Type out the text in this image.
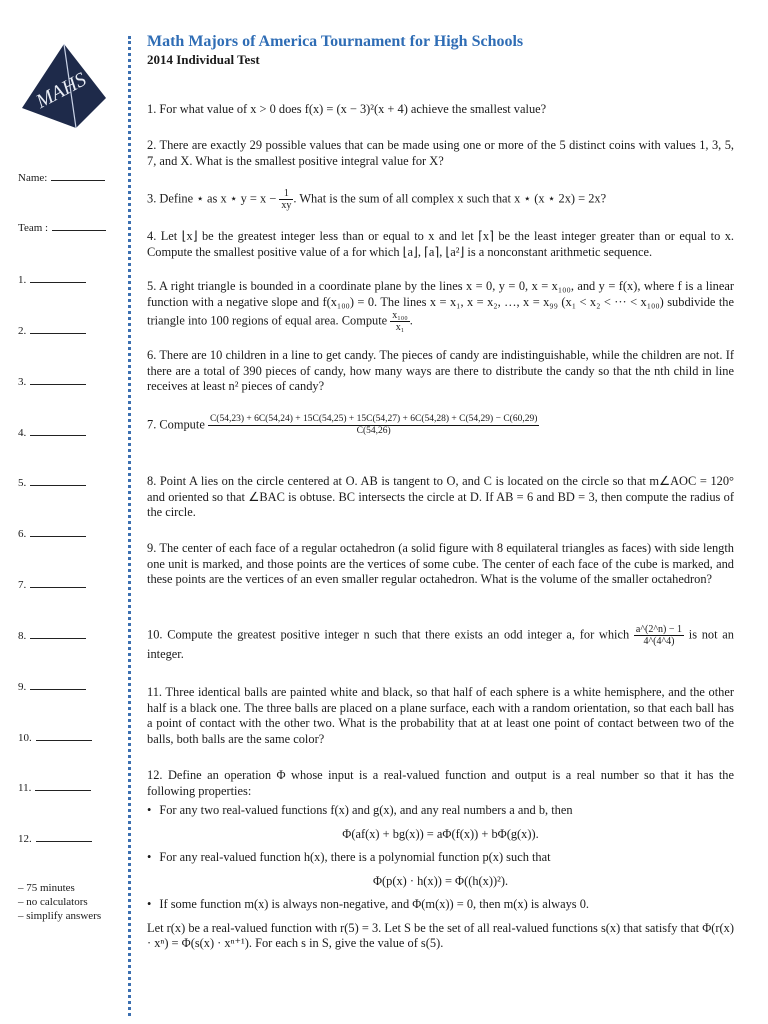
MAHS
Name:
Team :
1.
2.
3.
4.
5.
6.
7.
8.
9.
10.
11.
12.
– 75 minutes
– no calculators
– simplify answers
Math Majors of America Tournament for High Schools
2014 Individual Test
1. For what value of x > 0 does f(x) = (x − 3)²(x + 4) achieve the smallest value?
2. There are exactly 29 possible values that can be made using one or more of the 5 distinct coins with values 1, 3, 5, 7, and X. What is the smallest positive integral value for X?
3. Define ⋆ as x ⋆ $y = x - \frac{1}{xy}$ . What is the sum of all complex x such that x ⋆ (x ⋆ 2x) = 2x?
4. Let ⌊x⌋ be the greatest integer less than or equal to x and let ⌈x⌉ be the least integer greater than or equal to x. Compute the smallest positive value of a for which ⌊a⌋, ⌈a⌉, ⌊a²⌋ is a nonconstant arithmetic sequence.
5. A right triangle is bounded in a coordinate plane by the lines x = 0, y = 0, x = x₁₀₀, and y = f(x), where f is a linear function with a negative slope and f(x₁₀₀) = 0. The lines x = x₁, x = x₂, …, x = x₉₉ (x₁ < x₂ < ··· < x₁₀₀) subdivide the triangle into 100 regions of equal area. Compute $\frac{\text{x₁₀₀}}{\text{x₁}}$ .
6. There are 10 children in a line to get candy. The pieces of candy are indistinguishable, while the children are not. If there are a total of 390 pieces of candy, how many ways are there to distribute the candy so that the nth child in line receives at least n² pieces of candy?
7. Compute C(54,23) + 6C(54,24) + 15C(54,25) + 15C(54,27) + 6C(54,28) + C(54,29) − C(60,29)
C(54,26)
8. Point A lies on the circle centered at O. AB is tangent to O, and C is located on the circle so that m∠AOC = 120° and oriented so that ∠BAC is obtuse. BC intersects the circle at D. If AB = 6 and BD = 3, then compute the radius of the circle.
9. The center of each face of a regular octahedron (a solid figure with 8 equilateral triangles as faces) with side length one unit is marked, and those points are the vertices of some cube. The center of each face of the cube is marked, and these points are the vertices of an even smaller regular octahedron. What is the volume of the smaller octahedron?
10. Compute the greatest positive integer n such that there exists an odd integer a, for which $\frac{a\^{}(2\^{}n) - 1}{4\^{}(4\^{}4)}$ is not an integer.
11. Three identical balls are painted white and black, so that half of each sphere is a white hemisphere, and the other half is a black one. The three balls are placed on a plane surface, each with a random orientation, so that each ball has a point of contact with the other two. What is the probability that at at least one point of contact between two of the balls, both balls are the same color?
12. Define an operation Φ whose input is a real-valued function and output is a real number so that it has the following properties:
• For any two real-valued functions f(x) and g(x), and any real numbers a and b, then
Φ(af(x) + bg(x)) = aΦ(f(x)) + bΦ(g(x)).
• For any real-valued function h(x), there is a polynomial function p(x) such that
Φ(p(x) · h(x)) = Φ((h(x))²).
• If some function m(x) is always non-negative, and Φ(m(x)) = 0, then m(x) is always 0.
Let r(x) be a real-valued function with r(5) = 3. Let S be the set of all real-valued functions s(x) that satisfy that Φ(r(x) · xⁿ) = Φ(s(x) · xⁿ⁺¹). For each s in S, give the value of s(5).
